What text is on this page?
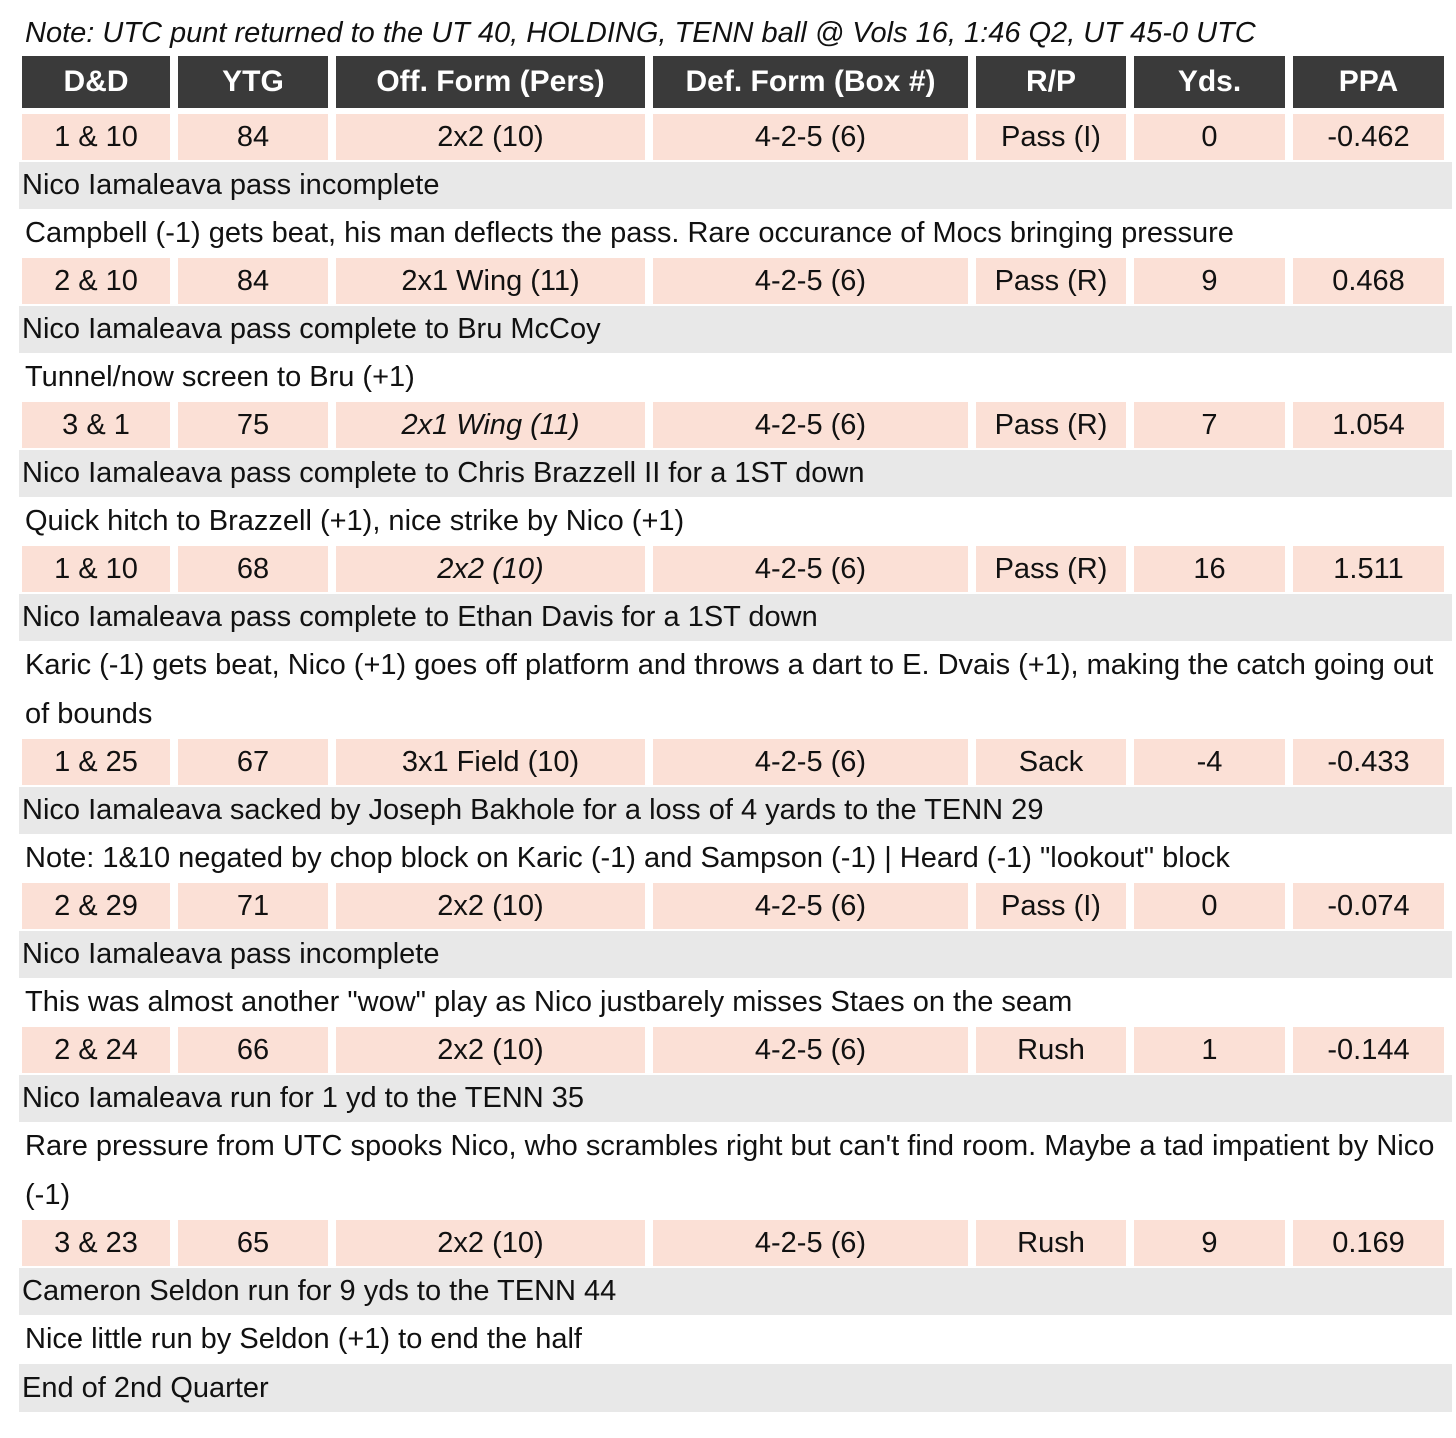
Note: UTC punt returned to the UT 40, HOLDING, TENN ball @ Vols 16, 1:46 Q2, UT 45-0 UTC
D&D	YTG	Off. Form (Pers)	Def. Form (Box #)	R/P	Yds.	PPA
1 & 10	84	2x2 (10)	4-2-5 (6)	Pass (I)	0	-0.462
Nico Iamaleava pass incomplete
Campbell (-1) gets beat, his man deflects the pass. Rare occurance of Mocs bringing pressure
2 & 10	84	2x1 Wing (11)	4-2-5 (6)	Pass (R)	9	0.468
Nico Iamaleava pass complete to Bru McCoy
Tunnel/now screen to Bru (+1)
3 & 1	75	2x1 Wing (11)	4-2-5 (6)	Pass (R)	7	1.054
Nico Iamaleava pass complete to Chris Brazzell II for a 1ST down
Quick hitch to Brazzell (+1), nice strike by Nico (+1)
1 & 10	68	2x2 (10)	4-2-5 (6)	Pass (R)	16	1.511
Nico Iamaleava pass complete to Ethan Davis for a 1ST down
Karic (-1) gets beat, Nico (+1) goes off platform and throws a dart to E. Dvais (+1), making the catch going out of bounds
1 & 25	67	3x1 Field (10)	4-2-5 (6)	Sack	-4	-0.433
Nico Iamaleava sacked by Joseph Bakhole for a loss of 4 yards to the TENN 29
Note: 1&10 negated by chop block on Karic (-1) and Sampson (-1) | Heard (-1) "lookout" block
2 & 29	71	2x2 (10)	4-2-5 (6)	Pass (I)	0	-0.074
Nico Iamaleava pass incomplete
This was almost another "wow" play as Nico justbarely misses Staes on the seam
2 & 24	66	2x2 (10)	4-2-5 (6)	Rush	1	-0.144
Nico Iamaleava run for 1 yd to the TENN 35
Rare pressure from UTC spooks Nico, who scrambles right but can't find room. Maybe a tad impatient by Nico (-1)
3 & 23	65	2x2 (10)	4-2-5 (6)	Rush	9	0.169
Cameron Seldon run for 9 yds to the TENN 44
Nice little run by Seldon (+1) to end the half
End of 2nd Quarter
